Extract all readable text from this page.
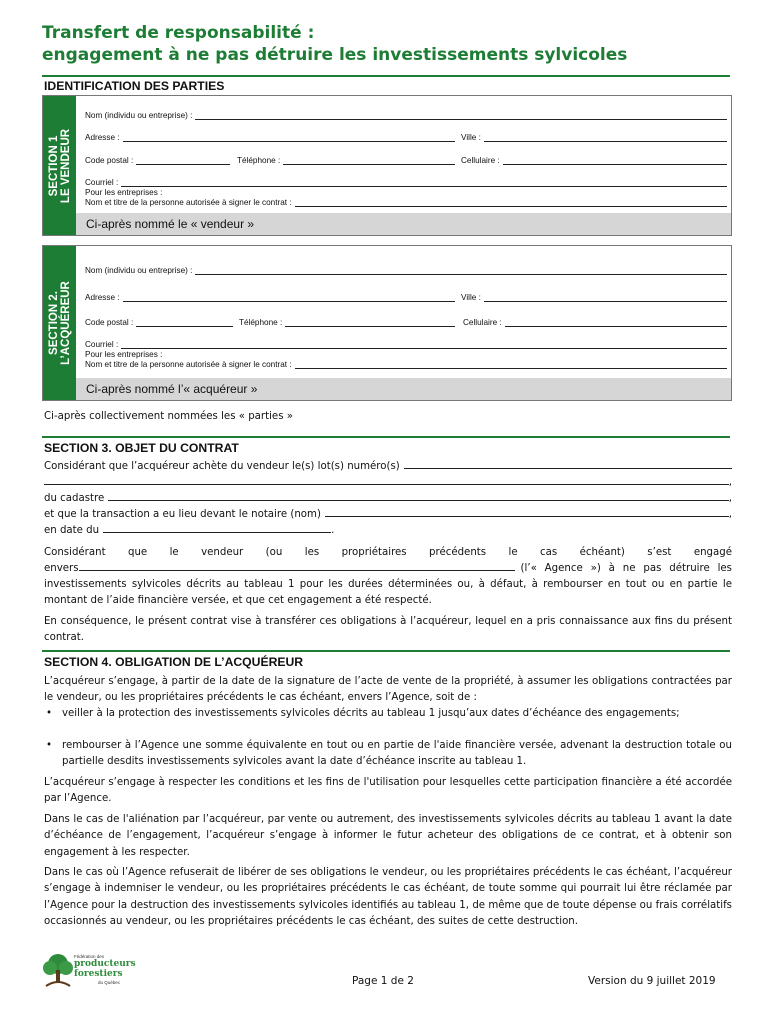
Transfert de responsabilité :
engagement à ne pas détruire les investissements sylvicoles
IDENTIFICATION DES PARTIES
SECTION 1 LE VENDEUR
Nom (individu ou entreprise) :
Adresse :	Ville :
Code postal :	Téléphone :	Cellulaire :
Courriel :
Pour les entreprises :
Nom et titre de la personne autorisée à signer le contrat :
Ci-après nommé le « vendeur »
SECTION 2. L’ACQUÉREUR
Nom (individu ou entreprise) :
Adresse :	Ville :
Code postal :	Téléphone :	Cellulaire :
Courriel :
Pour les entreprises :
Nom et titre de la personne autorisée à signer le contrat :
Ci-après nommé l’« acquéreur »
Ci-après collectivement nommées les « parties »
SECTION 3. OBJET DU CONTRAT
Considérant que l’acquéreur achète du vendeur le(s) lot(s) numéro(s)
,
du cadastre	,
et que la transaction a eu lieu devant le notaire (nom)	,
en date du	.
Considérant que le vendeur (ou les propriétaires précédents le cas échéant) s’est engagé
envers	(l’« Agence ») à ne pas détruire les
investissements sylvicoles décrits au tableau 1 pour les durées déterminées ou, à défaut, à rembourser en tout ou en partie le montant de l’aide financière versée, et que cet engagement a été respecté.
En conséquence, le présent contrat vise à transférer ces obligations à l’acquéreur, lequel en a pris connaissance aux fins du présent contrat.
SECTION 4. OBLIGATION DE L’ACQUÉREUR
L’acquéreur s’engage, à partir de la date de la signature de l’acte de vente de la propriété, à assumer les obligations contractées par le vendeur, ou les propriétaires précédents le cas échéant, envers l’Agence, soit de :
• veiller à la protection des investissements sylvicoles décrits au tableau 1 jusqu’aux dates d’échéance des engagements;
• rembourser à l’Agence une somme équivalente en tout ou en partie de l'aide financière versée, advenant la destruction totale ou partielle desdits investissements sylvicoles avant la date d’échéance inscrite au tableau 1.
L’acquéreur s’engage à respecter les conditions et les fins de l'utilisation pour lesquelles cette participation financière a été accordée par l’Agence.
Dans le cas de l'aliénation par l’acquéreur, par vente ou autrement, des investissements sylvicoles décrits au tableau 1 avant la date d’échéance de l’engagement, l’acquéreur s’engage à informer le futur acheteur des obligations de ce contrat, et à obtenir son engagement à les respecter.
Dans le cas où l’Agence refuserait de libérer de ses obligations le vendeur, ou les propriétaires précédents le cas échéant, l’acquéreur s’engage à indemniser le vendeur, ou les propriétaires précédents le cas échéant, de toute somme qui pourrait lui être réclamée par l’Agence pour la destruction des investissements sylvicoles identifiés au tableau 1, de même que de toute dépense ou frais corrélatifs occasionnés au vendeur, ou les propriétaires précédents le cas échéant, des suites de cette destruction.
Fédération des
producteurs
forestiers
du Québec	Page 1 de 2	Version du 9 juillet 2019
